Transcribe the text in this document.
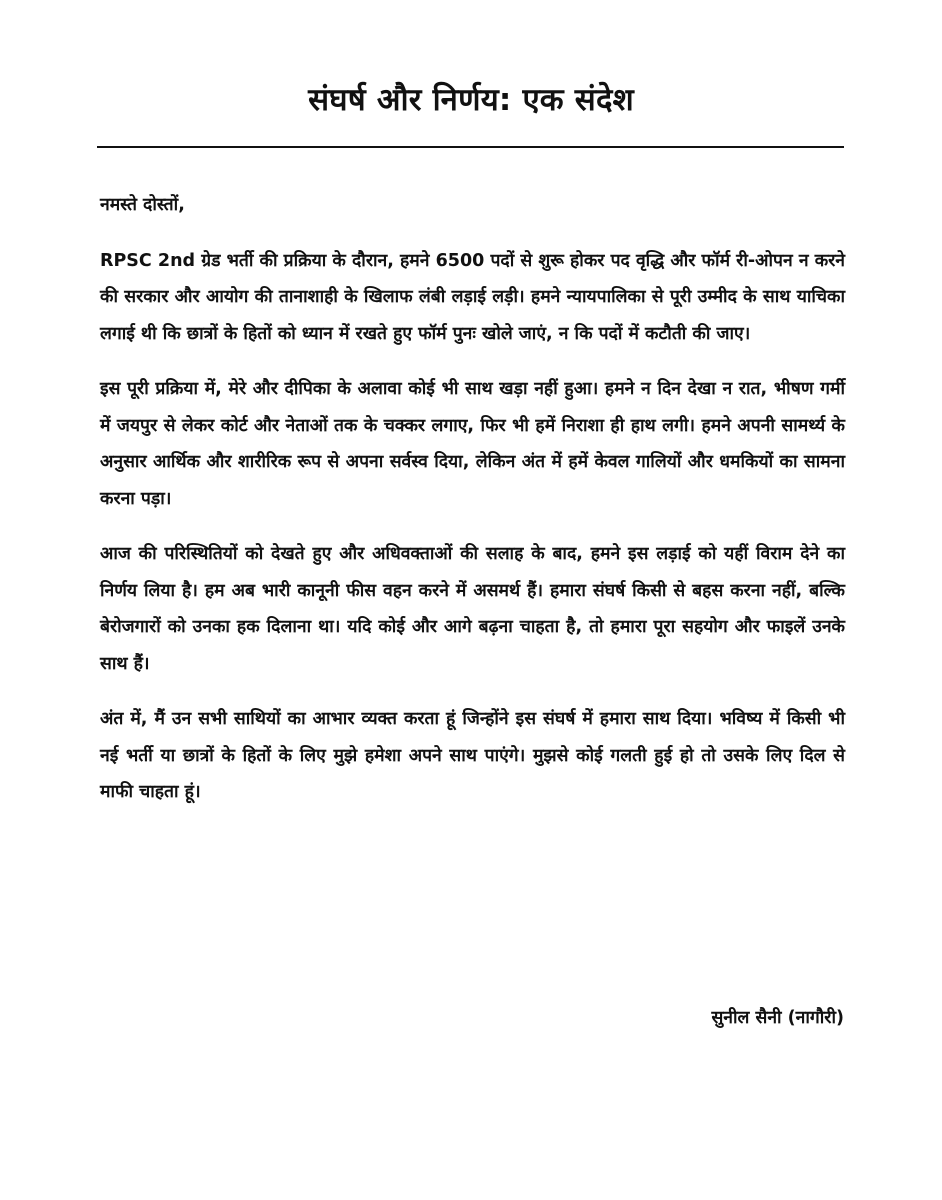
संघर्ष और निर्णय: एक संदेश

नमस्ते दोस्तों,

RPSC 2nd ग्रेड भर्ती की प्रक्रिया के दौरान, हमने 6500 पदों से शुरू होकर पद वृद्धि और फॉर्म री-ओपन न करने की सरकार और आयोग की तानाशाही के खिलाफ लंबी लड़ाई लड़ी। हमने न्यायपालिका से पूरी उम्मीद के साथ याचिका लगाई थी कि छात्रों के हितों को ध्यान में रखते हुए फॉर्म पुनः खोले जाएं, न कि पदों में कटौती की जाए।

इस पूरी प्रक्रिया में, मेरे और दीपिका के अलावा कोई भी साथ खड़ा नहीं हुआ। हमने न दिन देखा न रात, भीषण गर्मी में जयपुर से लेकर कोर्ट और नेताओं तक के चक्कर लगाए, फिर भी हमें निराशा ही हाथ लगी। हमने अपनी सामर्थ्य के अनुसार आर्थिक और शारीरिक रूप से अपना सर्वस्व दिया, लेकिन अंत में हमें केवल गालियों और धमकियों का सामना करना पड़ा।

आज की परिस्थितियों को देखते हुए और अधिवक्ताओं की सलाह के बाद, हमने इस लड़ाई को यहीं विराम देने का निर्णय लिया है। हम अब भारी कानूनी फीस वहन करने में असमर्थ हैं। हमारा संघर्ष किसी से बहस करना नहीं, बल्कि बेरोजगारों को उनका हक दिलाना था। यदि कोई और आगे बढ़ना चाहता है, तो हमारा पूरा सहयोग और फाइलें उनके साथ हैं।

अंत में, मैं उन सभी साथियों का आभार व्यक्त करता हूं जिन्होंने इस संघर्ष में हमारा साथ दिया। भविष्य में किसी भी नई भर्ती या छात्रों के हितों के लिए मुझे हमेशा अपने साथ पाएंगे। मुझसे कोई गलती हुई हो तो उसके लिए दिल से माफी चाहता हूं।

सुनील सैनी (नागौरी)
